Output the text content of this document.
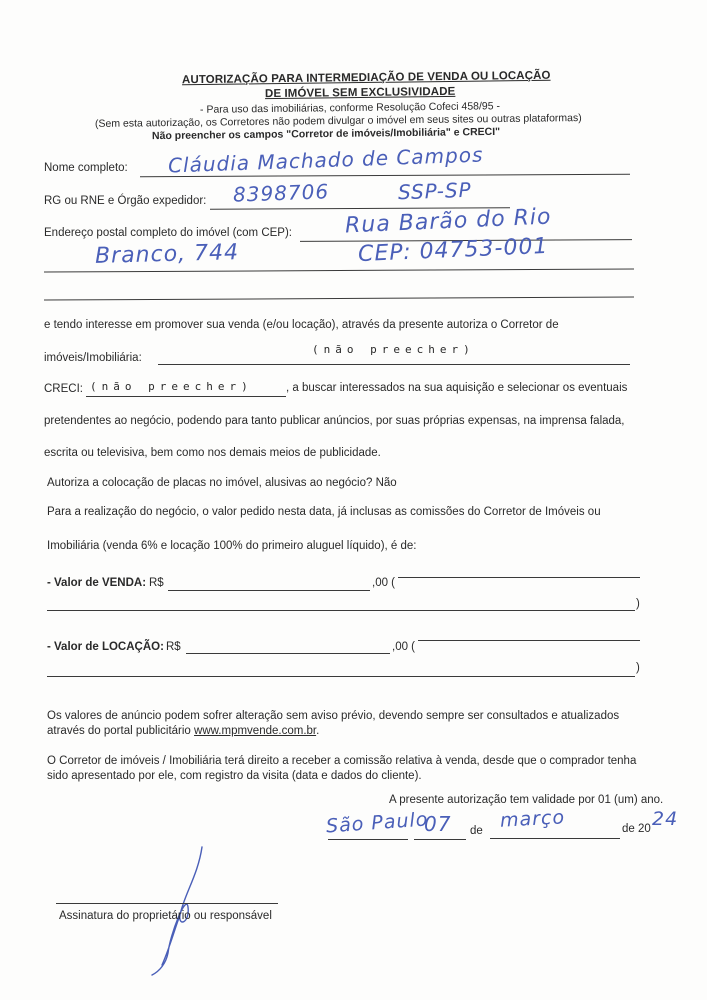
AUTORIZAÇÃO PARA INTERMEDIAÇÃO DE VENDA OU LOCAÇÃO
DE IMÓVEL SEM EXCLUSIVIDADE
- Para uso das imobiliárias, conforme Resolução Cofeci 458/95 -
(Sem esta autorização, os Corretores não podem divulgar o imóvel em seus sites ou outras plataformas)
Não preencher os campos "Corretor de imóveis/Imobiliária" e CRECI"
Nome completo: Cláudia Machado de Campos
RG ou RNE e Órgão expedidor: 8398706	SSP-SP
Endereço postal completo do imóvel (com CEP): Rua Barão do Rio
Branco, 744	CEP: 04753-001
e tendo interesse em promover sua venda (e/ou locação), através da presente autoriza o Corretor de
imóveis/Imobiliária:
(não preecher)
CRECI: (não preecher)	, a buscar interessados na sua aquisição e selecionar os eventuais
pretendentes ao negócio, podendo para tanto publicar anúncios, por suas próprias expensas, na imprensa falada,
escrita ou televisiva, bem como nos demais meios de publicidade.
Autoriza a colocação de placas no imóvel, alusivas ao negócio? Não
Para a realização do negócio, o valor pedido nesta data, já inclusas as comissões do Corretor de Imóveis ou
Imobiliária (venda 6% e locação 100% do primeiro aluguel líquido), é de:
- Valor de VENDA: R$	,00 (
)
- Valor de LOCAÇÃO: R$	,00 (
)
Os valores de anúncio podem sofrer alteração sem aviso prévio, devendo sempre ser consultados e atualizados
através do portal publicitário www.mpmvende.com.br.
O Corretor de imóveis / Imobiliária terá direito a receber a comissão relativa à venda, desde que o comprador tenha
sido apresentado por ele, com registro da visita (data e dados do cliente).
A presente autorização tem validade por 01 (um) ano.
São Paulo
07 de março	de 20 24
Assinatura do proprietário ou responsável
